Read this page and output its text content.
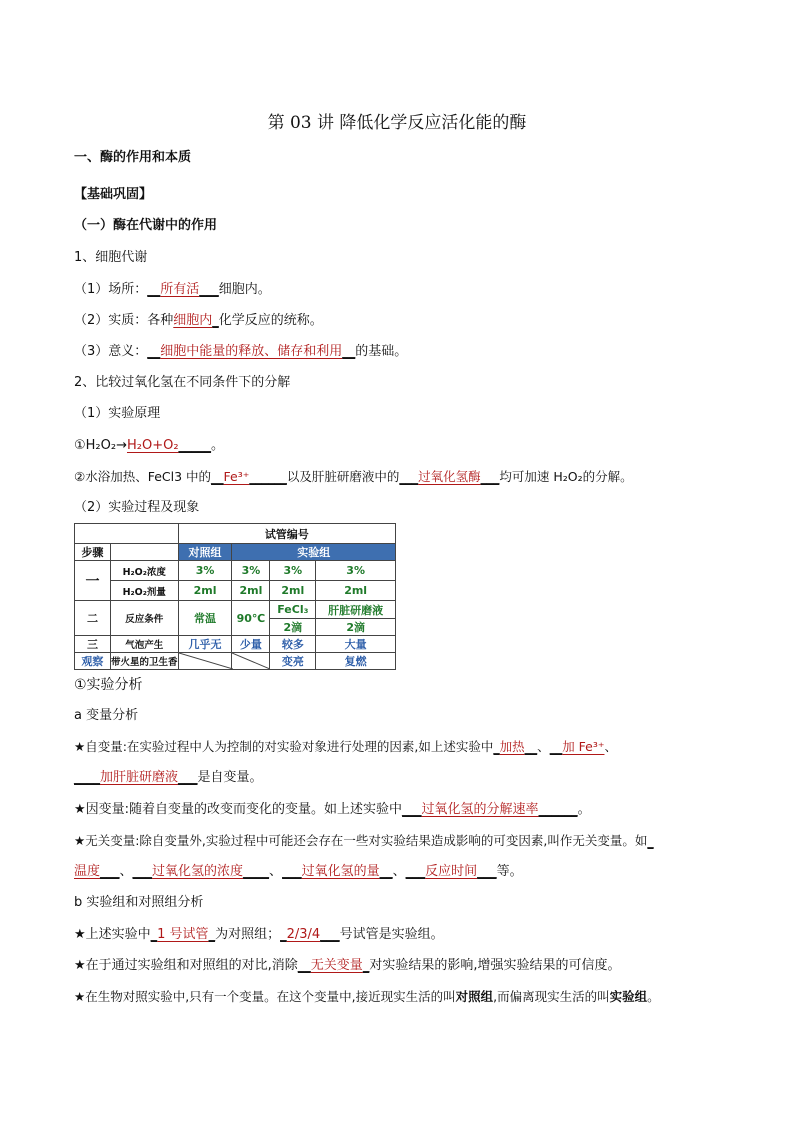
第 03 讲 降低化学反应活化能的酶
一、酶的作用和本质
【基础巩固】
（一）酶在代谢中的作用
1、细胞代谢
（1）场所：__所有活___细胞内。
（2）实质：各种细胞内_化学反应的统称。
（3）意义：__细胞中能量的释放、储存和利用__的基础。
2、比较过氧化氢在不同条件下的分解
（1）实验原理
①H₂O₂→H₂O+O₂_____。
②水浴加热、FeCl3 中的__Fe³⁺______以及肝脏研磨液中的___过氧化氢酶___均可加速 H₂O₂的分解。
（2）实验过程及现象
		试管编号			
步骤		对照组	实验组		
一	H₂O₂浓度	3%	3%	3%	3%
	H₂O₂剂量	2ml	2ml	2ml	2ml
二	反应条件	常温	90℃	FeCl₃	肝脏研磨液
				2滴	2滴
三	气泡产生	几乎无	少量	较多	大量
观察	带火星的卫生香			变亮	复燃
①实验分析
a 变量分析
★自变量:在实验过程中人为控制的对实验对象进行处理的因素,如上述实验中_加热__、__加 Fe³⁺、
____加肝脏研磨液___是自变量。
★因变量:随着自变量的改变而变化的变量。如上述实验中___过氧化氢的分解速率______。
★无关变量:除自变量外,实验过程中可能还会存在一些对实验结果造成影响的可变因素,叫作无关变量。如_
温度___、___过氧化氢的浓度____、___过氧化氢的量__、___反应时间___等。
b 实验组和对照组分析
★上述实验中_1 号试管_为对照组；_2/3/4___号试管是实验组。
★在于通过实验组和对照组的对比,消除__无关变量_对实验结果的影响,增强实验结果的可信度。
★在生物对照实验中,只有一个变量。在这个变量中,接近现实生活的叫对照组,而偏离现实生活的叫实验组。
